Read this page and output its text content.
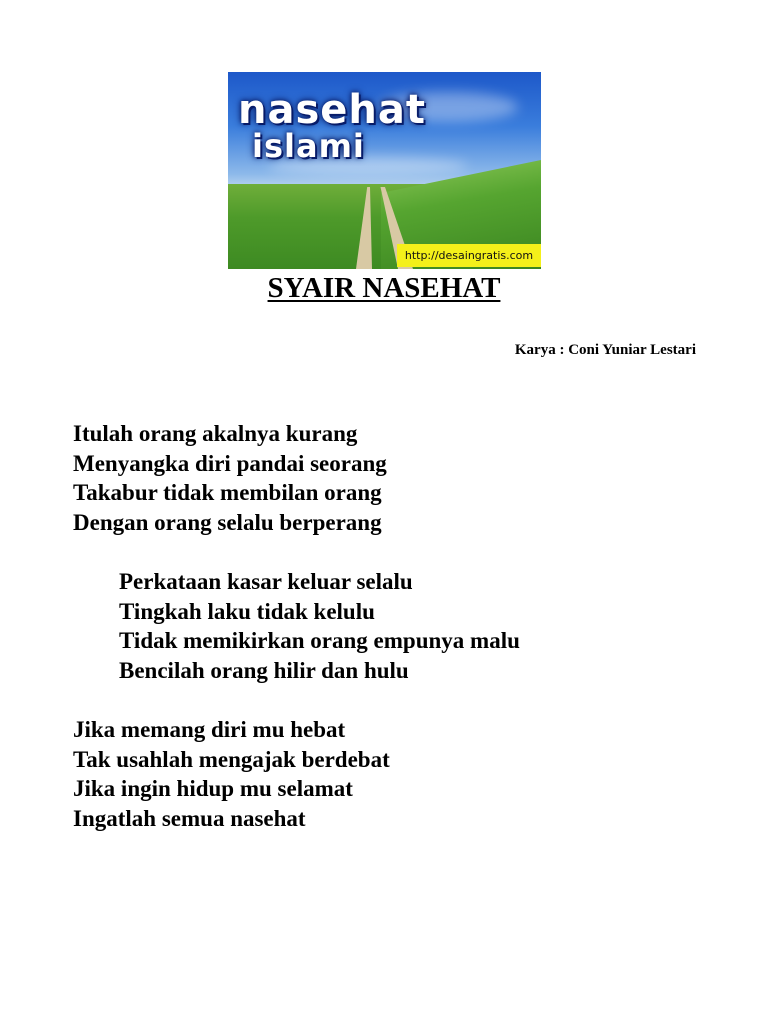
nasehat
islami
http://desaingratis.com
SYAIR NASEHAT
Karya : Coni Yuniar Lestari
Itulah orang akalnya kurang
Menyangka diri pandai seorang
Takabur tidak membilan orang
Dengan orang selalu berperang
Perkataan kasar keluar selalu
Tingkah laku tidak kelulu
Tidak memikirkan orang empunya malu
Bencilah orang hilir dan hulu
Jika memang diri mu hebat
Tak usahlah mengajak berdebat
Jika ingin hidup mu selamat
Ingatlah semua nasehat
